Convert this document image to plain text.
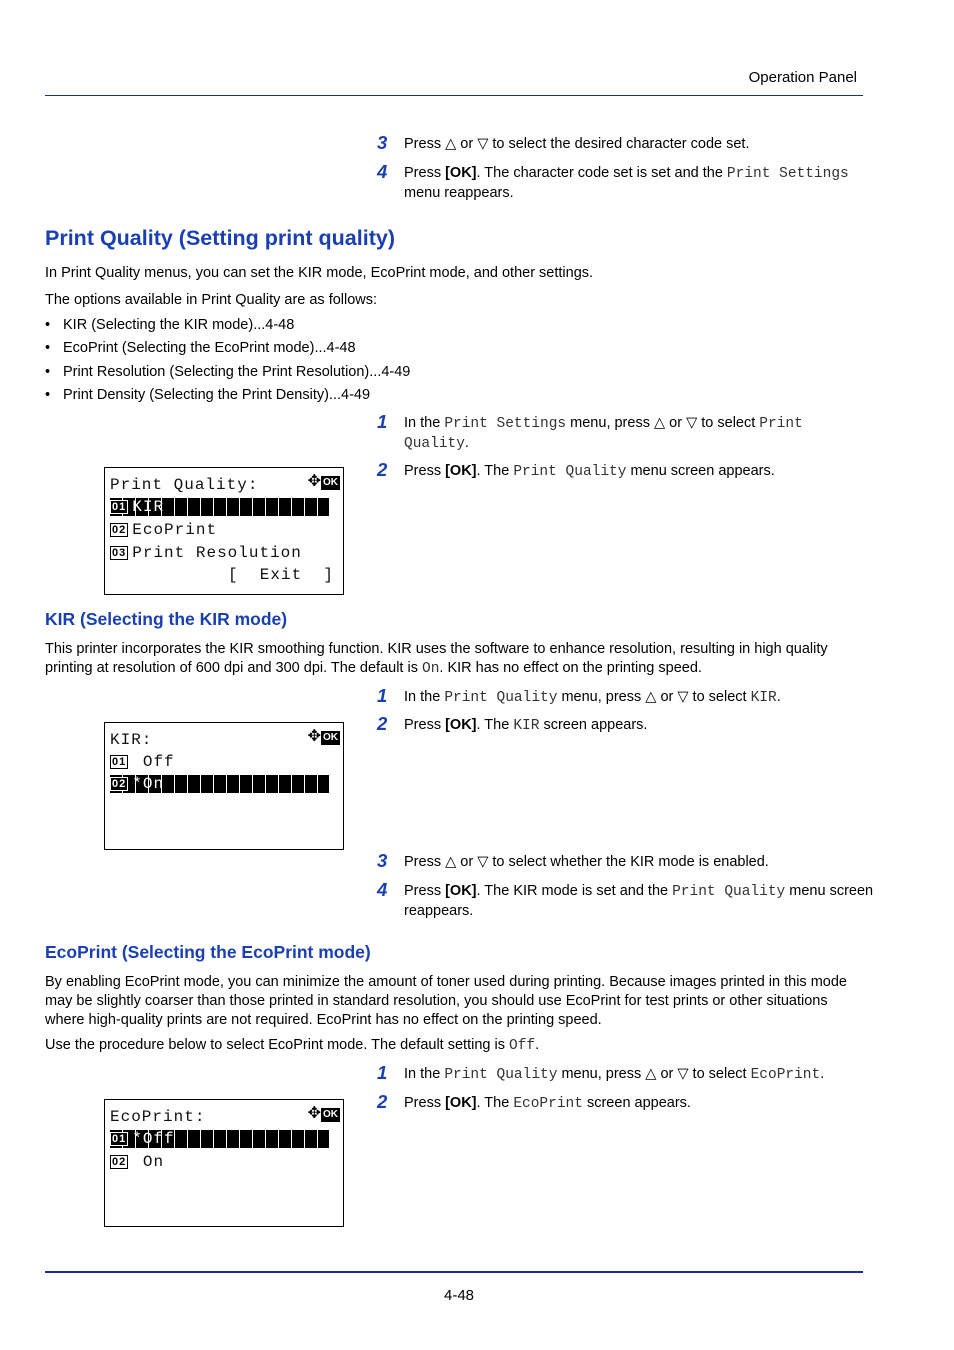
Operation Panel
3 Press △ or ▽ to select the desired character code set.
4 Press [OK]. The character code set is set and the Print Settings menu reappears.
Print Quality (Setting print quality)
In Print Quality menus, you can set the KIR mode, EcoPrint mode, and other settings.
The options available in Print Quality are as follows:
• KIR (Selecting the KIR mode)...4-48
• EcoPrint (Selecting the EcoPrint mode)...4-48
• Print Resolution (Selecting the Print Resolution)...4-49
• Print Density (Selecting the Print Density)...4-49
1 In the Print Settings menu, press △ or ▽ to select Print Quality.
2 Press [OK]. The Print Quality menu screen appears.
Print Quality:	✥ OK
01 KIR
02 EcoPrint
03 Print Resolution
[  Exit  ]
KIR (Selecting the KIR mode)
This printer incorporates the KIR smoothing function. KIR uses the software to enhance resolution, resulting in high quality printing at resolution of 600 dpi and 300 dpi. The default is On. KIR has no effect on the printing speed.
1 In the Print Quality menu, press △ or ▽ to select KIR.
2 Press [OK]. The KIR screen appears.
KIR:	✥ OK
01 Off
02 *On
3 Press △ or ▽ to select whether the KIR mode is enabled.
4 Press [OK]. The KIR mode is set and the Print Quality menu screen reappears.
EcoPrint (Selecting the EcoPrint mode)
By enabling EcoPrint mode, you can minimize the amount of toner used during printing. Because images printed in this mode may be slightly coarser than those printed in standard resolution, you should use EcoPrint for test prints or other situations where high-quality prints are not required. EcoPrint has no effect on the printing speed.
Use the procedure below to select EcoPrint mode. The default setting is Off.
1 In the Print Quality menu, press △ or ▽ to select EcoPrint.
2 Press [OK]. The EcoPrint screen appears.
EcoPrint:	✥ OK
01 *Off
02 On
4-48
